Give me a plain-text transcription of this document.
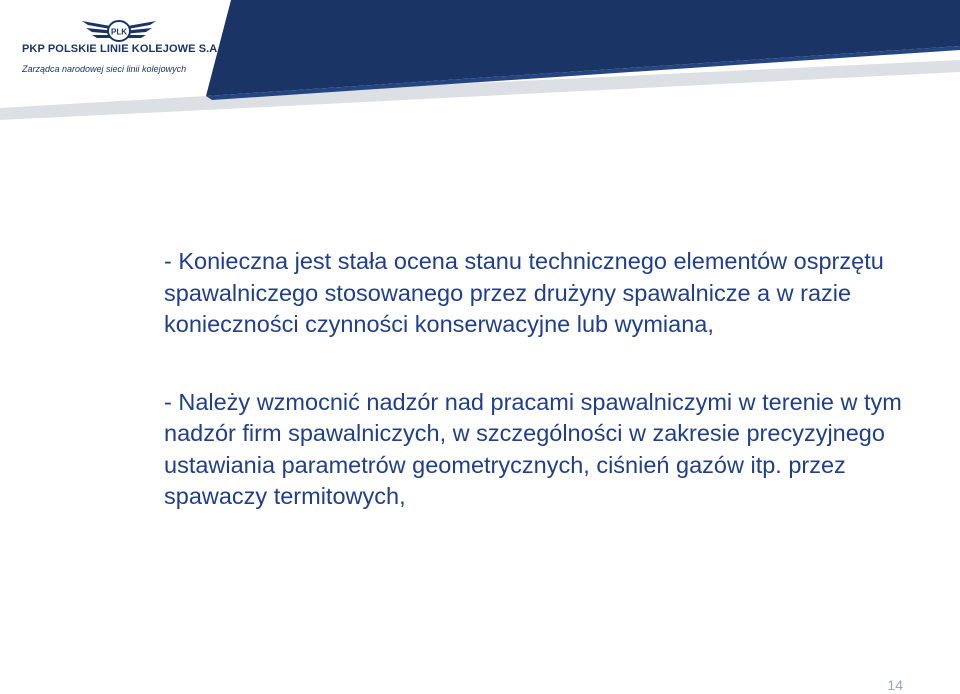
PLK
PKP POLSKIE LINIE KOLEJOWE S.A.
Zarządca narodowej sieci linii kolejowych

- Konieczna jest stała ocena stanu technicznego elementów osprzętu spawalniczego stosowanego przez drużyny spawalnicze a w razie konieczności czynności konserwacyjne lub wymiana,

- Należy wzmocnić nadzór nad pracami spawalniczymi w terenie w tym nadzór firm spawalniczych, w szczególności w zakresie precyzyjnego ustawiania parametrów geometrycznych, ciśnień gazów itp. przez spawaczy termitowych,

14
